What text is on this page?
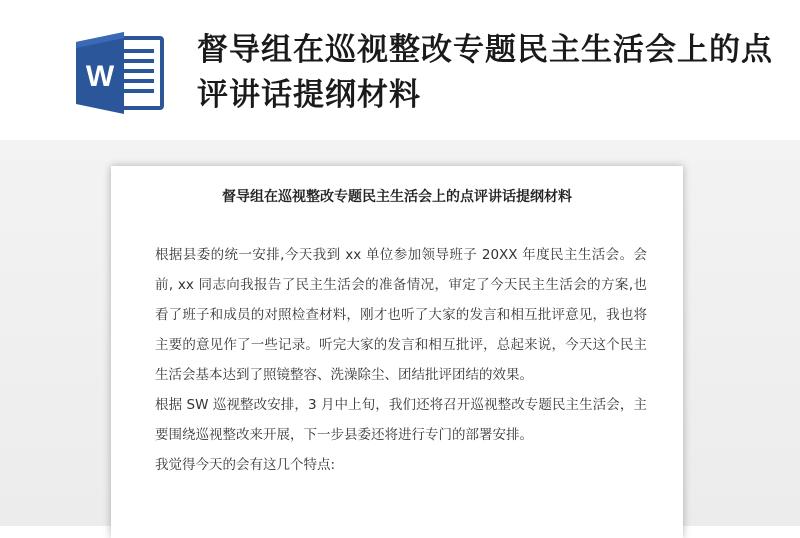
W
督导组在巡视整改专题民主生活会上的点评讲话提纲材料
督导组在巡视整改专题民主生活会上的点评讲话提纲材料

根据县委的统一安排,今天我到 xx 单位参加领导班子 20XX 年度民主生活会。会前, xx 同志向我报告了民主生活会的准备情况，审定了今天民主生活会的方案,也看了班子和成员的对照检查材料，刚才也听了大家的发言和相互批评意见，我也将主要的意见作了一些记录。听完大家的发言和相互批评，总起来说，今天这个民主生活会基本达到了照镜整容、洗澡除尘、团结批评团结的效果。

根据 SW 巡视整改安排，3 月中上旬，我们还将召开巡视整改专题民主生活会，主要围绕巡视整改来开展，下一步县委还将进行专门的部署安排。

我觉得今天的会有这几个特点:
